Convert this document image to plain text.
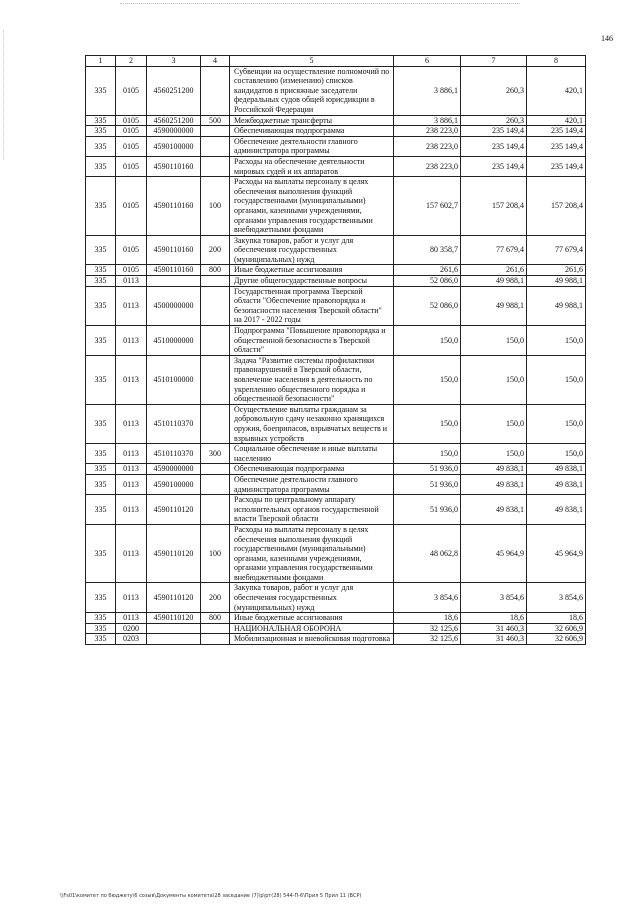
146
1	2	3	4	5	6	7	8
335	0105	4560251200		Субвенции на осуществление полномочий по составлению (изменению) списков кандидатов в присяжные заседатели федеральных судов общей юрисдикции в Российской Федерации	3 886,1	260,3	420,1
335	0105	4560251200	500	Межбюджетные трансферты	3 886,1	260,3	420,1
335	0105	4590000000		Обеспечивающая подпрограмма	238 223,0	235 149,4	235 149,4
335	0105	4590100000		Обеспечение деятельности главного администратора программы	238 223,0	235 149,4	235 149,4
335	0105	4590110160		Расходы на обеспечение деятельности мировых судей и их аппаратов	238 223,0	235 149,4	235 149,4
335	0105	4590110160	100	Расходы на выплаты персоналу в целях обеспечения выполнения функций государственными (муниципальными) органами, казенными учреждениями, органами управления государственными внебюджетными фондами	157 602,7	157 208,4	157 208,4
335	0105	4590110160	200	Закупка товаров, работ и услуг для обеспечения государственных (муниципальных) нужд	80 358,7	77 679,4	77 679,4
335	0105	4590110160	800	Иные бюджетные ассигнования	261,6	261,6	261,6
335	0113			Другие общегосударственные вопросы	52 086,0	49 988,1	49 988,1
335	0113	4500000000		Государственная программа Тверской области "Обеспечение правопорядка и безопасности населения Тверской области" на 2017 - 2022 годы	52 086,0	49 988,1	49 988,1
335	0113	4510000000		Подпрограмма "Повышение правопорядка и общественной безопасности в Тверской области"	150,0	150,0	150,0
335	0113	4510100000		Задача "Развитие системы профилактики правонарушений в Тверской области, вовлечение населения в деятельность по укреплению общественного порядка и общественной безопасности"	150,0	150,0	150,0
335	0113	4510110370		Осуществление выплаты гражданам за добровольную сдачу незаконно хранящихся оружия, боеприпасов, взрывчатых веществ и взрывных устройств	150,0	150,0	150,0
335	0113	4510110370	300	Социальное обеспечение и иные выплаты населению	150,0	150,0	150,0
335	0113	4590000000		Обеспечивающая подпрограмма	51 936,0	49 838,1	49 838,1
335	0113	4590100000		Обеспечение деятельности главного администратора программы	51 936,0	49 838,1	49 838,1
335	0113	4590110120		Расходы по центральному аппарату исполнительных органов государственной власти Тверской области	51 936,0	49 838,1	49 838,1
335	0113	4590110120	100	Расходы на выплаты персоналу в целях обеспечения выполнения функций государственными (муниципальными) органами, казенными учреждениями, органами управления государственными внебюджетными фондами	48 062,8	45 964,9	45 964,9
335	0113	4590110120	200	Закупка товаров, работ и услуг для обеспечения государственных (муниципальных) нужд	3 854,6	3 854,6	3 854,6
335	0113	4590110120	800	Иные бюджетные ассигнования	18,6	18,6	18,6
335	0200			НАЦИОНАЛЬНАЯ ОБОРОНА	32 125,6	31 460,3	32 606,9
335	0203			Мобилизационная и вневойсковая подготовка	32 125,6	31 460,3	32 606,9
\\Fs01\комитет по бюджету\6 созыв\Документы комитета\28 заседание (7)\р\рт(28) 544-П-6\Прил 5 Прил 11 (ВСР)
